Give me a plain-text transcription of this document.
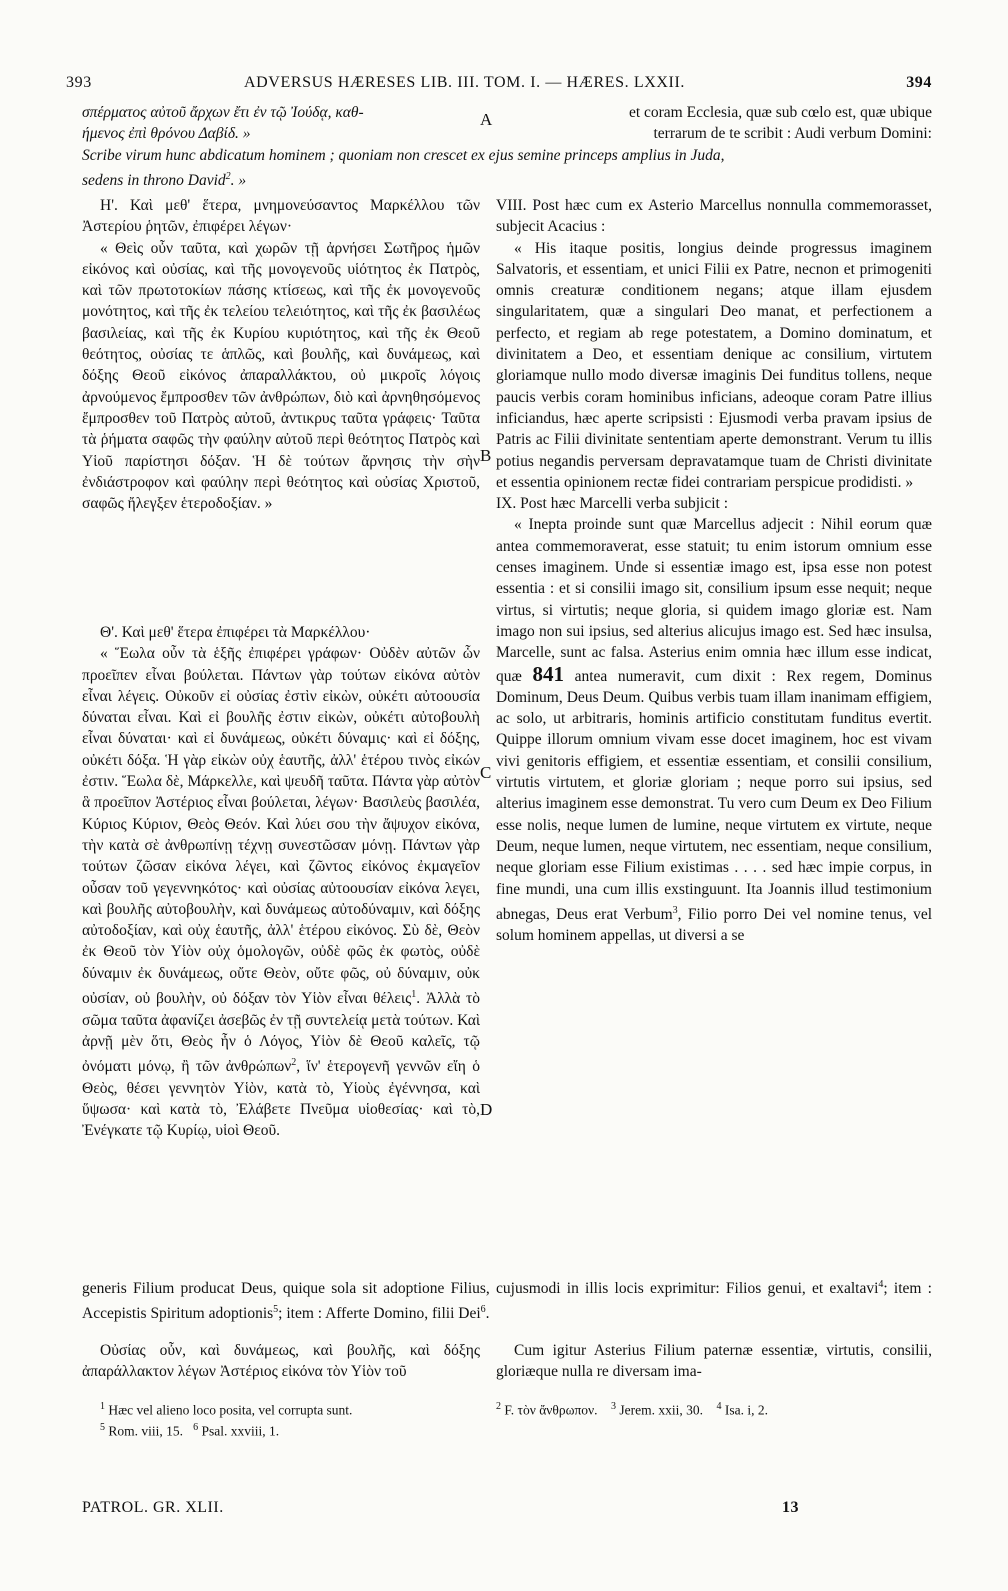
393	ADVERSUS HÆRESES LIB. III. TOM. I. — HÆRES. LXXII.	394
σπέρματος αὐτοῦ ἄρχων ἔτι ἐν τῷ Ἰούδᾳ, καθ-
ήμενος ἐπὶ θρόνου Δαβίδ. »
A	et coram Ecclesia, quæ sub cœlo est, quæ ubique
terrarum de te scribit : Audi verbum Domini:
Scribe virum hunc abdicatum hominem ; quoniam non crescet ex ejus semine princeps amplius in Juda,
sedens in throno David$^2$. »

Η'. Καὶ μεθ' ἕτερα, μνημονεύσαντος Μαρκέλλου τῶν Ἀστερίου ῥητῶν, ἐπιφέρει λέγων·

« Θεὶς οὖν ταῦτα, καὶ χωρῶν τῇ ἀρνήσει Σωτῆρος ἡμῶν εἰκόνος καὶ οὐσίας, καὶ τῆς μονογενοῦς υἱότητος ἐκ Πατρὸς, καὶ τῶν πρωτοτοκίων πάσης κτίσεως, καὶ τῆς ἐκ μονογενοῦς μονότητος, καὶ τῆς ἐκ τελείου τελειότητος, καὶ τῆς ἐκ βασιλέως βασιλείας, καὶ τῆς ἐκ Κυρίου κυριότητος, καὶ τῆς ἐκ Θεοῦ θεότητος, οὐσίας τε ἁπλῶς, καὶ βουλῆς, καὶ δυνάμεως, καὶ δόξης Θεοῦ εἰκόνος ἀπαραλλάκτου, οὐ μικροῖς λόγοις ἀρνούμενος ἔμπροσθεν τῶν ἀνθρώπων, διὸ καὶ ἀρνηθησόμενος ἔμπροσθεν τοῦ Πατρὸς αὐτοῦ, ἀντικρυς ταῦτα γράφεις· Ταῦτα τὰ ῥήματα σαφῶς τὴν φαύλην αὐτοῦ περὶ θεότητος Πατρὸς καὶ Υἱοῦ παρίστησι δόξαν. Ἡ δὲ τούτων ἄρνησις τὴν σὴν ἐνδιάστροφον καὶ φαύλην περὶ θεότητος καὶ οὐσίας Χριστοῦ, σαφῶς ἤλεγξεν ἑτεροδοξίαν. »

B

Θ'. Καὶ μεθ' ἕτερα ἐπιφέρει τὰ Μαρκέλλου·

« Ἕωλα οὖν τὰ ἑξῆς ἐπιφέρει γράφων· Οὐδὲν αὐτῶν ὧν προεῖπεν εἶναι βούλεται. Πάντων γὰρ τούτων εἰκόνα αὐτὸν εἶναι λέγεις. Οὐκοῦν εἰ οὐσίας ἐστὶν εἰκὼν, οὐκέτι αὐτοουσία δύναται εἶναι. Καὶ εἰ βουλῆς ἐστιν εἰκὼν, οὐκέτι αὐτοβουλὴ εἶναι δύναται· καὶ εἰ δυνάμεως, οὐκέτι δύναμις· καὶ εἰ δόξης, οὐκέτι δόξα. Ἡ γὰρ εἰκὼν οὐχ ἑαυτῆς, ἀλλ' ἑτέρου τινὸς εἰκών ἐστιν. Ἕωλα δὲ, Μάρκελλε, καὶ ψευδῆ ταῦτα. Πάντα γὰρ αὐτὸν ἃ προεῖπον Ἀστέριος εἶναι βούλεται, λέγων· Βασιλεὺς βασιλέα, Κύριος Κύριον, Θεὸς Θεόν. Καὶ λύει σου τὴν ἄψυχον εἰκόνα, τὴν κατὰ σὲ ἀνθρωπίνῃ τέχνῃ συνεστῶσαν μόνῃ. Πάντων γὰρ τούτων ζῶσαν εἰκόνα λέγει, καὶ ζῶντος εἰκόνος ἐκμαγεῖον οὖσαν τοῦ γεγεννηκότος· καὶ οὐσίας αὐτοουσίαν εἰκόνα λεγει, καὶ βουλῆς αὐτοβουλὴν, καὶ δυνάμεως αὐτοδύναμιν, καὶ δόξης αὐτοδοξίαν, καὶ οὐχ ἑαυτῆς, ἀλλ' ἑτέρου εἰκόνος. Σὺ δὲ, Θεὸν ἐκ Θεοῦ τὸν Υἱὸν οὐχ ὁμολογῶν, οὐδὲ φῶς ἐκ φωτὸς, οὐδὲ δύναμιν ἐκ δυνάμεως, οὔτε Θεὸν, οὔτε φῶς, οὐ δύναμιν, οὐκ οὐσίαν, οὐ βουλὴν, οὐ δόξαν τὸν Υἱὸν εἶναι θέλεις$^1$. Ἀλλὰ τὸ σῶμα ταῦτα ἀφανίζει ἀσεβῶς ἐν τῇ συντελείᾳ μετὰ τούτων. Καὶ ἀρνῇ μὲν ὅτι, Θεὸς ἦν ὁ Λόγος, Υἱὸν δὲ Θεοῦ καλεῖς, τῷ ὀνόματι μόνῳ, ἢ τῶν ἀνθρώπων$^2$, ἵν' ἑτερογενῆ γεννῶν εἴη ὁ Θεὸς, θέσει γεννητὸν Υἱὸν, κατὰ τὸ, Υἱοὺς ἐγέννησα, καὶ ὕψωσα· καὶ κατὰ τὸ, Ἐλάβετε Πνεῦμα υἱοθεσίας· καὶ τὸ, Ἐνέγκατε τῷ Κυρίῳ, υἱοὶ Θεοῦ.

C
D

VIII. Post hæc cum ex Asterio Marcellus nonnulla commemorasset, subjecit Acacius :

« His itaque positis, longius deinde progressus imaginem Salvatoris, et essentiam, et unici Filii ex Patre, necnon et primogeniti omnis creaturæ conditionem negans; atque illam ejusdem singularitatem, quæ a singulari Deo manat, et perfectionem a perfecto, et regiam ab rege potestatem, a Domino dominatum, et divinitatem a Deo, et essentiam denique ac consilium, virtutem gloriamque nullo modo diversæ imaginis Dei funditus tollens, neque paucis verbis coram hominibus inficians, adeoque coram Patre illius inficiandus, hæc aperte scripsisti : Ejusmodi verba pravam ipsius de Patris ac Filii divinitate sententiam aperte demonstrant. Verum tu illis potius negandis perversam depravatamque tuam de Christi divinitate et essentia opinionem rectæ fidei contrariam perspicue prodidisti. »

IX. Post hæc Marcelli verba subjicit :

« Inepta proinde sunt quæ Marcellus adjecit : Nihil eorum quæ antea commemoraverat, esse statuit; tu enim istorum omnium esse censes imaginem. Unde si essentiæ imago est, ipsa esse non potest essentia : et si consilii imago sit, consilium ipsum esse nequit; neque virtus, si virtutis; neque gloria, si quidem imago gloriæ est. Nam imago non sui ipsius, sed alterius alicujus imago est. Sed hæc insulsa, Marcelle, sunt ac falsa. Asterius enim omnia hæc illum esse indicat, quæ 841 antea numeravit, cum dixit : Rex regem, Dominus Dominum, Deus Deum. Quibus verbis tuam illam inanimam effigiem, ac solo, ut arbitraris, hominis artificio constitutam funditus evertit. Quippe illorum omnium vivam esse docet imaginem, hoc est vivam vivi genitoris effigiem, et essentiæ essentiam, et consilii consilium, virtutis virtutem, et gloriæ gloriam ; neque porro sui ipsius, sed alterius imaginem esse demonstrat. Tu vero cum Deum ex Deo Filium esse nolis, neque lumen de lumine, neque virtutem ex virtute, neque Deum, neque lumen, neque virtutem, nec essentiam, neque consilium, neque gloriam esse Filium existimas . . . . sed hæc impie corpus, in fine mundi, una cum illis exstinguunt. Ita Joannis illud testimonium abnegas, Deus erat Verbum$^3$, Filio porro Dei vel nomine tenus, vel solum hominem appellas, ut diversi a se

generis Filium producat Deus, quique sola sit adoptione Filius, cujusmodi in illis locis exprimitur: Filios genui, et exaltavi$^4$; item : Accepistis Spiritum adoptionis$^5$; item : Afferte Domino, filii Dei$^6$.

Οὐσίας οὖν, καὶ δυνάμεως, καὶ βουλῆς, καὶ δόξης ἀπαράλλακτον λέγων Ἀστέριος εἰκόνα τὸν Υἱὸν τοῦ

Cum igitur Asterius Filium paternæ essentiæ, virtutis, consilii, gloriæque nulla re diversam ima-

$^1$ Hæc vel alieno loco posita, vel corrupta sunt.
$^5$ Rom. viii, 15. $^6$ Psal. xxviii, 1.
$^2$ F. τὸν ἄνθρωπον. $^3$ Jerem. xxii, 30. $^4$ Isa. i, 2.
PATROL. GR. XLII.	13
